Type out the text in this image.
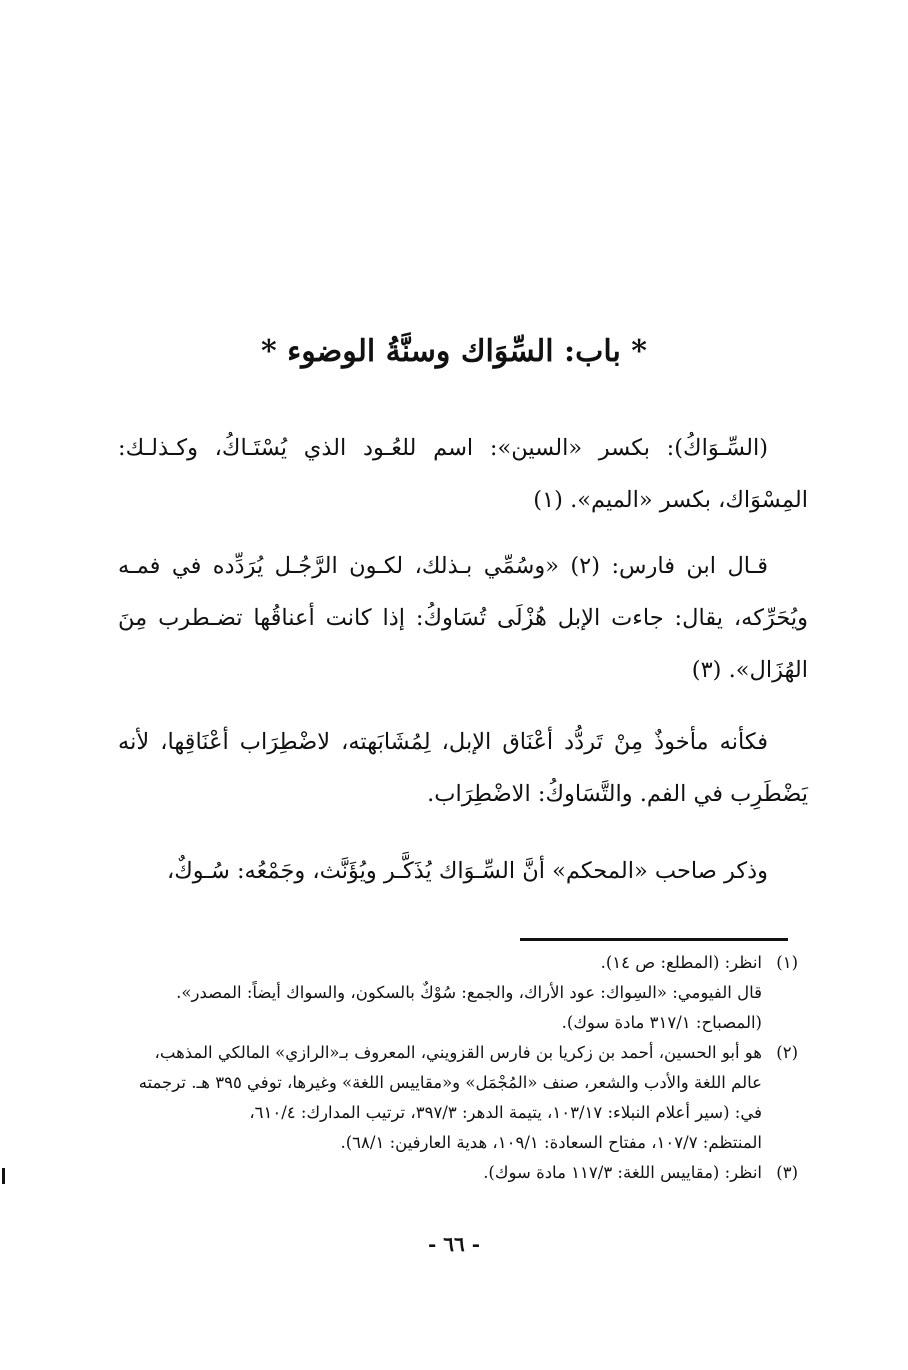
* باب: السِّوَاك وسنَّةُ الوضوء *
(السِّـوَاكُ): بكسر «السين»: اسم للعُـود الذي يُسْتَـاكُ، وكـذلـك: المِسْوَاك، بكسر «الميم». (١)
قـال ابن فارس: (٢) «وسُمِّي بـذلك، لكـون الرَّجُـل يُرَدِّده في فمـه ويُحَرِّكه، يقال: جاءت الإبل هُزْلَى تُسَاوكُ: إذا كانت أعناقُها تضـطرب مِنَ الهُزَال». (٣)
فكأنه مأخوذٌ مِنْ تَردُّد أعْنَاق الإبل، لِمُشَابَهته، لاضْطِرَاب أعْنَاقِها، لأنه يَضْطَرِب في الفم. والتَّسَاوكُ: الاضْطِرَاب.
وذكر صاحب «المحكم» أنَّ السِّـوَاك يُذَكَّـر ويُؤَنَّث، وجَمْعُه: سُـوكٌ،
(١)
انظر: (المطلع: ص ١٤).
قال الفيومي: «السِواك: عود الأراك، والجمع: سُوْكٌ بالسكون، والسواك أيضاً: المصدر».
(المصباح: ٣١٧/١ مادة سوك).
(٢)
هو أبو الحسين، أحمد بن زكريا بن فارس القزويني، المعروف بـ«الرازي» المالكي المذهب،
عالم اللغة والأدب والشعر، صنف «المُجْمَل» و«مقاييس اللغة» وغيرها، توفي ٣٩٥ هـ. ترجمته
في: (سير أعلام النبلاء: ١٠٣/١٧، يتيمة الدهر: ٣٩٧/٣، ترتيب المدارك: ٦١٠/٤،
المنتظم: ١٠٧/٧، مفتاح السعادة: ١٠٩/١، هدية العارفين: ٦٨/١).
(٣)
انظر: (مقاييس اللغة: ١١٧/٣ مادة سوك).
- ٦٦ -
